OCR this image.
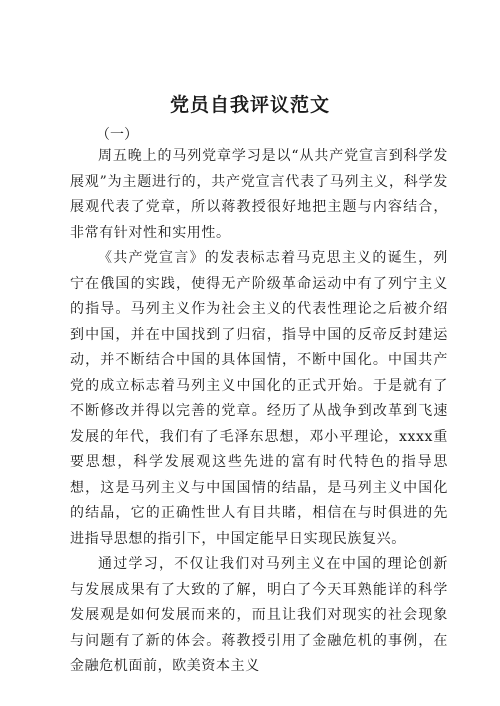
党员自我评议范文
（一）

周五晚上的马列党章学习是以“从共产党宣言到科学发展观”为主题进行的，共产党宣言代表了马列主义，科学发展观代表了党章，所以蒋教授很好地把主题与内容结合，非常有针对性和实用性。

《共产党宣言》的发表标志着马克思主义的诞生，列宁在俄国的实践，使得无产阶级革命运动中有了列宁主义的指导。马列主义作为社会主义的代表性理论之后被介绍到中国，并在中国找到了归宿，指导中国的反帝反封建运动，并不断结合中国的具体国情，不断中国化。中国共产党的成立标志着马列主义中国化的正式开始。于是就有了不断修改并得以完善的党章。经历了从战争到改革到飞速发展的年代，我们有了毛泽东思想，邓小平理论，xxxx重要思想，科学发展观这些先进的富有时代特色的指导思想，这是马列主义与中国国情的结晶，是马列主义中国化的结晶，它的正确性世人有目共睹，相信在与时俱进的先进指导思想的指引下，中国定能早日实现民族复兴。

通过学习，不仅让我们对马列主义在中国的理论创新与发展成果有了大致的了解，明白了今天耳熟能详的科学发展观是如何发展而来的，而且让我们对现实的社会现象与问题有了新的体会。蒋教授引用了金融危机的事例，在金融危机面前，欧美资本主义
